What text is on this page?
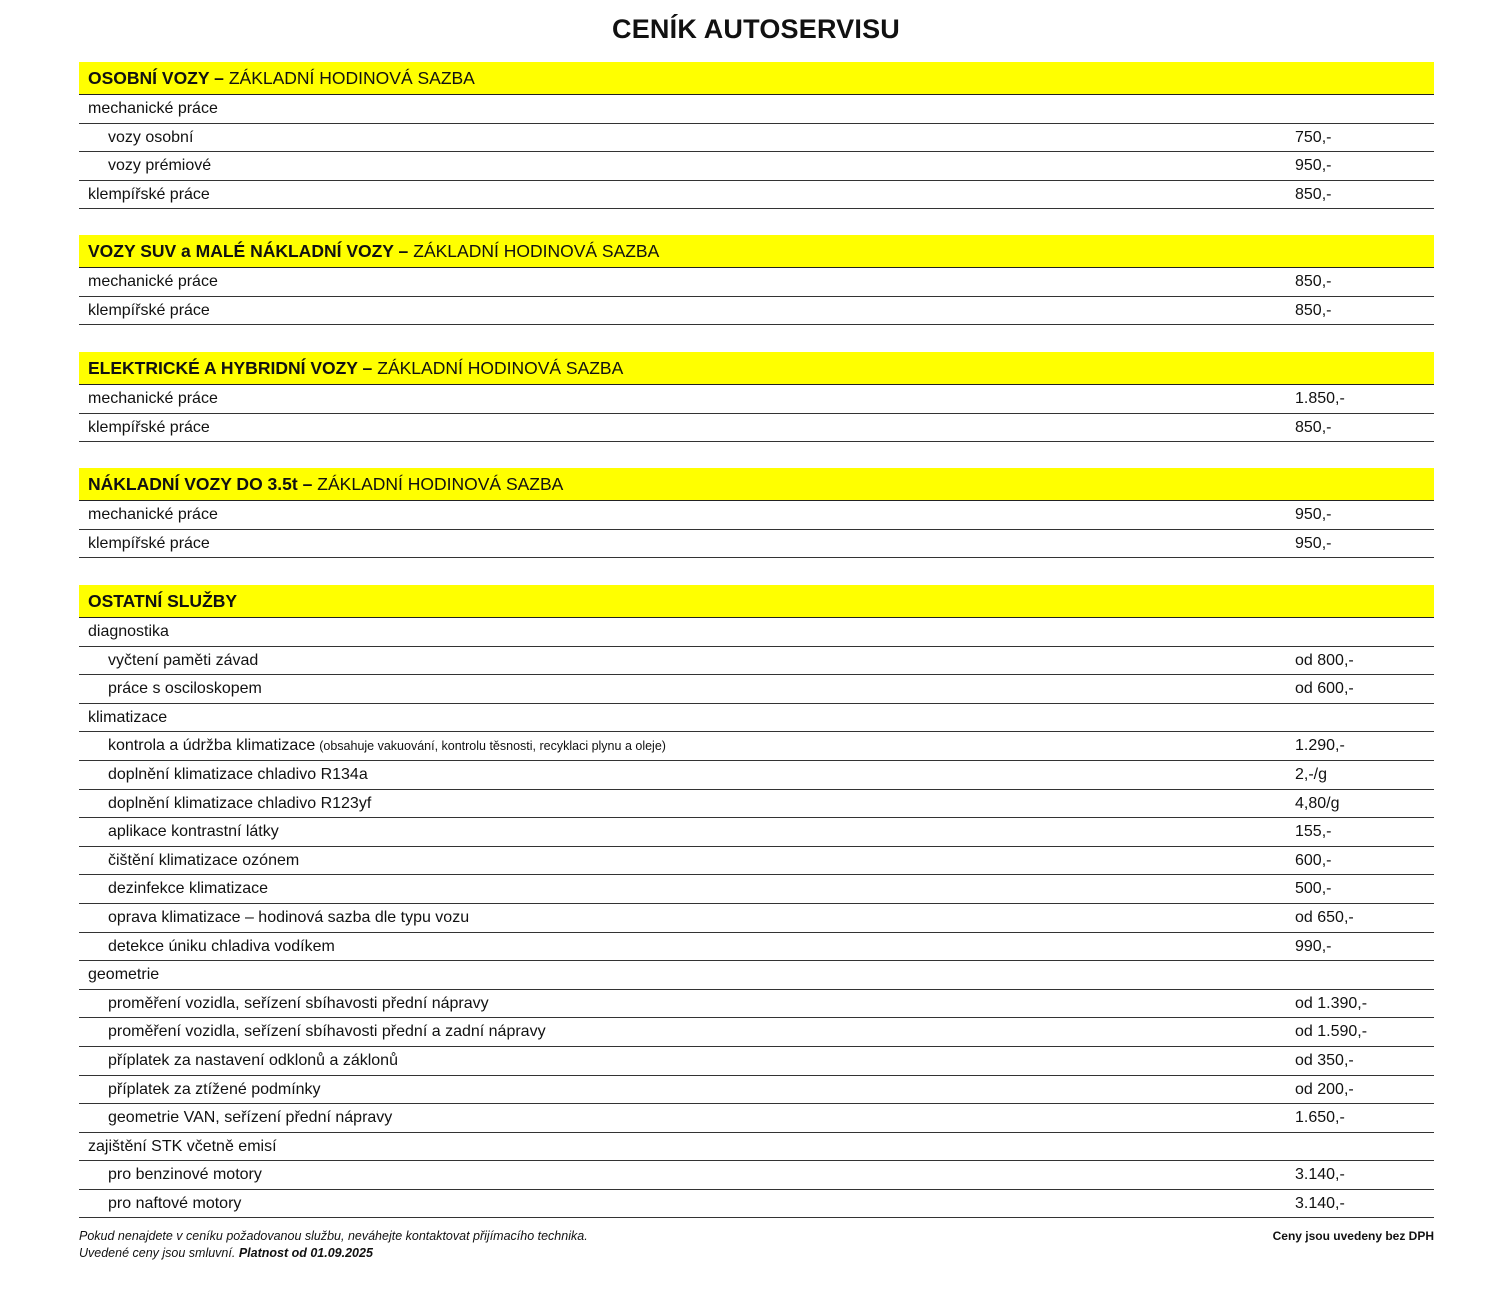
CENÍK AUTOSERVISU
OSOBNÍ VOZY – ZÁKLADNÍ HODINOVÁ SAZBA
mechanické práce
vozy osobní	750,-
vozy prémiové	950,-
klempířské práce	850,-
VOZY SUV a MALÉ NÁKLADNÍ VOZY – ZÁKLADNÍ HODINOVÁ SAZBA
mechanické práce	850,-
klempířské práce	850,-
ELEKTRICKÉ A HYBRIDNÍ VOZY – ZÁKLADNÍ HODINOVÁ SAZBA
mechanické práce	1.850,-
klempířské práce	850,-
NÁKLADNÍ VOZY DO 3.5t – ZÁKLADNÍ HODINOVÁ SAZBA
mechanické práce	950,-
klempířské práce	950,-
OSTATNÍ SLUŽBY
diagnostika
vyčtení paměti závad	od 800,-
práce s osciloskopem	od 600,-
klimatizace
kontrola a údržba klimatizace (obsahuje vakuování, kontrolu těsnosti, recyklaci plynu a oleje)	1.290,-
doplnění klimatizace chladivo R134a	2,-/g
doplnění klimatizace chladivo R123yf	4,80/g
aplikace kontrastní látky	155,-
čištění klimatizace ozónem	600,-
dezinfekce klimatizace	500,-
oprava klimatizace – hodinová sazba dle typu vozu	od 650,-
detekce úniku chladiva vodíkem	990,-
geometrie
proměření vozidla, seřízení sbíhavosti přední nápravy	od 1.390,-
proměření vozidla, seřízení sbíhavosti přední a zadní nápravy	od 1.590,-
příplatek za nastavení odklonů a záklonů	od 350,-
příplatek za ztížené podmínky	od 200,-
geometrie VAN, seřízení přední nápravy	1.650,-
zajištění STK včetně emisí
pro benzinové motory	3.140,-
pro naftové motory	3.140,-
Pokud nenajdete v ceníku požadovanou službu, neváhejte kontaktovat přijímacího technika.
Uvedené ceny jsou smluvní. Platnost od 01.09.2025
Ceny jsou uvedeny bez DPH
